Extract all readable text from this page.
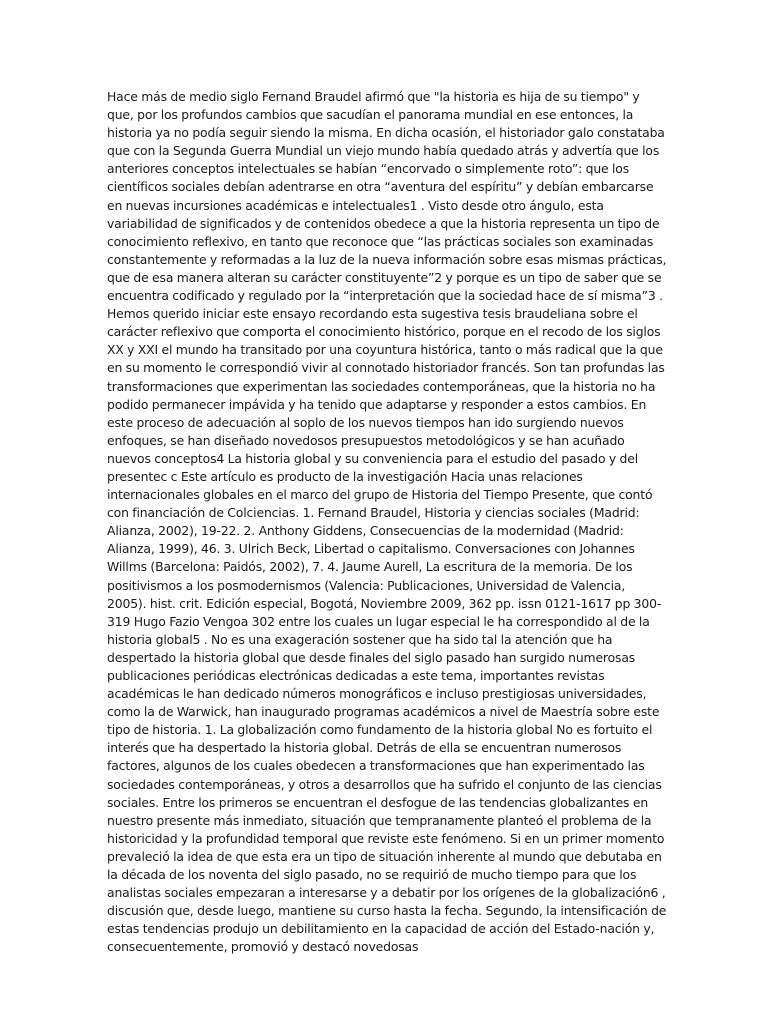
Hace más de medio siglo Fernand Braudel afirmó que "la historia es hija de su tiempo" y que, por los profundos cambios que sacudían el panorama mundial en ese entonces, la historia ya no podía seguir siendo la misma. En dicha ocasión, el historiador galo constataba que con la Segunda Guerra Mundial un viejo mundo había quedado atrás y advertía que los anteriores conceptos intelectuales se habían “encorvado o simplemente roto”: que los científicos sociales debían adentrarse en otra “aventura del espíritu” y debían embarcarse en nuevas incursiones académicas e intelectuales1 . Visto desde otro ángulo, esta variabilidad de significados y de contenidos obedece a que la historia representa un tipo de conocimiento reflexivo, en tanto que reconoce que “las prácticas sociales son examinadas constantemente y reformadas a la luz de la nueva información sobre esas mismas prácticas, que de esa manera alteran su carácter constituyente”2 y porque es un tipo de saber que se encuentra codificado y regulado por la “interpretación que la sociedad hace de sí misma”3 . Hemos querido iniciar este ensayo recordando esta sugestiva tesis braudeliana sobre el carácter reflexivo que comporta el conocimiento histórico, porque en el recodo de los siglos XX y XXI el mundo ha transitado por una coyuntura histórica, tanto o más radical que la que en su momento le correspondió vivir al connotado historiador francés. Son tan profundas las transformaciones que experimentan las sociedades contemporáneas, que la historia no ha podido permanecer impávida y ha tenido que adaptarse y responder a estos cambios. En este proceso de adecuación al soplo de los nuevos tiempos han ido surgiendo nuevos enfoques, se han diseñado novedosos presupuestos metodológicos y se han acuñado nuevos conceptos4 La historia global y su conveniencia para el estudio del pasado y del presentec c Este artículo es producto de la investigación Hacia unas relaciones internacionales globales en el marco del grupo de Historia del Tiempo Presente, que contó con financiación de Colciencias. 1. Fernand Braudel, Historia y ciencias sociales (Madrid: Alianza, 2002), 19-22. 2. Anthony Giddens, Consecuencias de la modernidad (Madrid: Alianza, 1999), 46. 3. Ulrich Beck, Libertad o capitalismo. Conversaciones con Johannes Willms (Barcelona: Paidós, 2002), 7. 4. Jaume Aurell, La escritura de la memoria. De los positivismos a los posmodernismos (Valencia: Publicaciones, Universidad de Valencia, 2005). hist. crit. Edición especial, Bogotá, Noviembre 2009, 362 pp. issn 0121-1617 pp 300-319 Hugo Fazio Vengoa 302 entre los cuales un lugar especial le ha correspondido al de la historia global5 . No es una exageración sostener que ha sido tal la atención que ha despertado la historia global que desde finales del siglo pasado han surgido numerosas publicaciones periódicas electrónicas dedicadas a este tema, importantes revistas académicas le han dedicado números monográficos e incluso prestigiosas universidades, como la de Warwick, han inaugurado programas académicos a nivel de Maestría sobre este tipo de historia. 1. La globalización como fundamento de la historia global No es fortuito el interés que ha despertado la historia global. Detrás de ella se encuentran numerosos factores, algunos de los cuales obedecen a transformaciones que han experimentado las sociedades contemporáneas, y otros a desarrollos que ha sufrido el conjunto de las ciencias sociales. Entre los primeros se encuentran el desfogue de las tendencias globalizantes en nuestro presente más inmediato, situación que tempranamente planteó el problema de la historicidad y la profundidad temporal que reviste este fenómeno. Si en un primer momento prevaleció la idea de que esta era un tipo de situación inherente al mundo que debutaba en la década de los noventa del siglo pasado, no se requirió de mucho tiempo para que los analistas sociales empezaran a interesarse y a debatir por los orígenes de la globalización6 , discusión que, desde luego, mantiene su curso hasta la fecha. Segundo, la intensificación de estas tendencias produjo un debilitamiento en la capacidad de acción del Estado-nación y, consecuentemente, promovió y destacó novedosas
